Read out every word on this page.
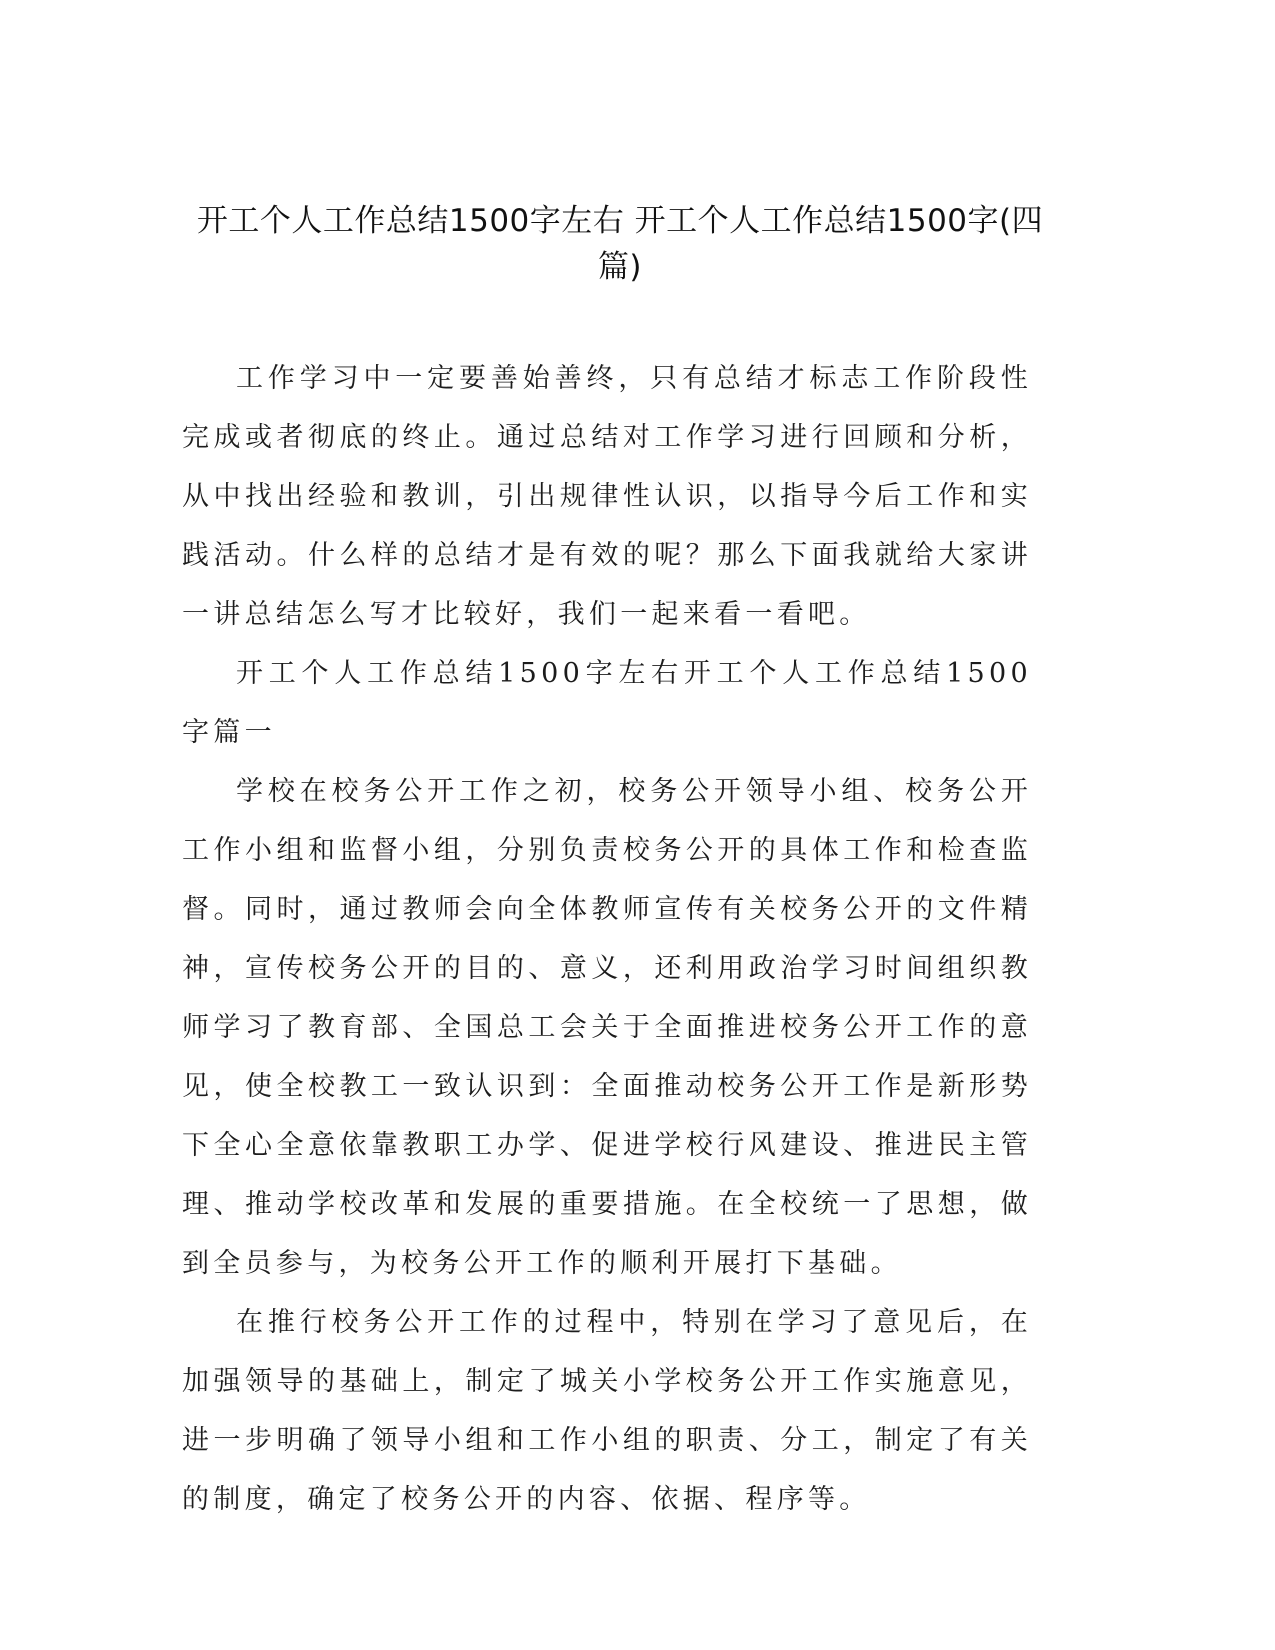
开工个人工作总结1500字左右 开工个人工作总结1500字(四篇)

工作学习中一定要善始善终，只有总结才标志工作阶段性完成或者彻底的终止。通过总结对工作学习进行回顾和分析，从中找出经验和教训，引出规律性认识，以指导今后工作和实践活动。什么样的总结才是有效的呢？那么下面我就给大家讲一讲总结怎么写才比较好，我们一起来看一看吧。

开工个人工作总结1500字左右开工个人工作总结1500字篇一

学校在校务公开工作之初，校务公开领导小组、校务公开工作小组和监督小组，分别负责校务公开的具体工作和检查监督。同时，通过教师会向全体教师宣传有关校务公开的文件精神，宣传校务公开的目的、意义，还利用政治学习时间组织教师学习了教育部、全国总工会关于全面推进校务公开工作的意见，使全校教工一致认识到：全面推动校务公开工作是新形势下全心全意依靠教职工办学、促进学校行风建设、推进民主管理、推动学校改革和发展的重要措施。在全校统一了思想，做到全员参与，为校务公开工作的顺利开展打下基础。

在推行校务公开工作的过程中，特别在学习了意见后，在加强领导的基础上，制定了城关小学校务公开工作实施意见，进一步明确了领导小组和工作小组的职责、分工，制定了有关的制度，确定了校务公开的内容、依据、程序等。
